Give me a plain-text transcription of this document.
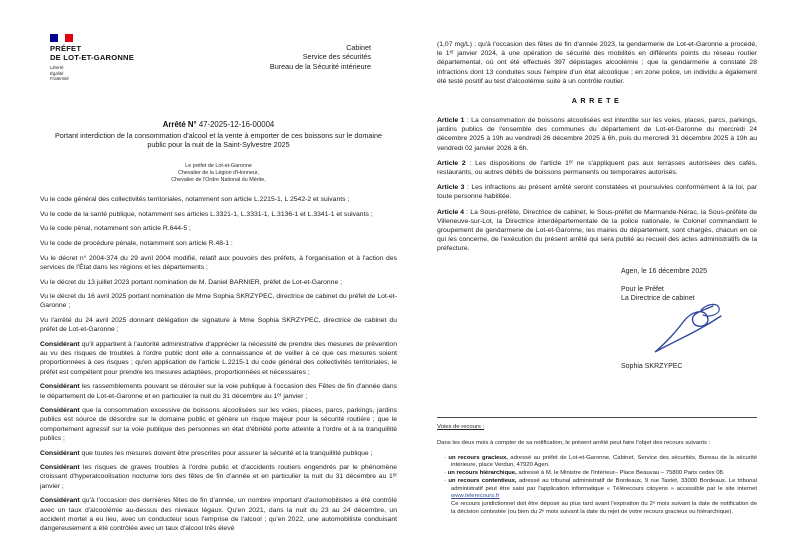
PRÉFET
DE LOT-ET-GARONNE
Liberté
Égalité
Fraternité
Cabinet
Service des sécurités
Bureau de la Sécurité intérieure
Arrêté N° 47-2025-12-16-00004
Portant interdiction de la consommation d'alcool et la vente à emporter de ces boissons sur le domaine public pour la nuit de la Saint-Sylvestre 2025
Le préfet de Lot-et-Garonne
Chevalier de la Légion d'Honneur,
Chevalier de l'Ordre National du Mérite,

Vu le code général des collectivités territoriales, notamment son article L.2215-1, L 2542-2 et suivants ;

Vu le code de la santé publique, notamment ses articles L.3321-1, L.3331-1, L.3136-1 et L.3341-1 et suivants ;

Vu le code pénal, notamment son article R.644-5 ;

Vu le code de procédure pénale, notamment son article R.48-1 :

Vu le décret n° 2004-374 du 29 avril 2004 modifié, relatif aux pouvoirs des préfets, à l'organisation et à l'action des services de l'État dans les régions et les départements ;

Vu le décret du 13 juillet 2023 portant nomination de M. Daniel BARNIER, préfet de Lot-et-Garonne ;

Vu le décret du 16 avril 2025 portant nomination de Mme Sophia SKRZYPEC, directrice de cabinet du préfet de Lot-et-Garonne ;

Vu l'arrêté du 24 avril 2025 donnant délégation de signature à Mme Sophia SKRZYPEC, directrice de cabinet du préfet de Lot-et-Garonne ;

Considérant qu'il appartient à l'autorité administrative d'apprécier la nécessité de prendre des mesures de prévention au vu des risques de troubles à l'ordre public dont elle a connaissance et de veiller à ce que ces mesures soient proportionnées à ces risques ; qu'en application de l'article L.2215-1 du code général des collectivités territoriales, le préfet est compétent pour prendre les mesures adaptées, proportionnées et nécessaires ;

Considérant les rassemblements pouvant se dérouler sur la voie publique à l'occasion des Fêtes de fin d'année dans le département de Lot-et-Garonne et en particulier la nuit du 31 décembre au 1ᵉʳ janvier ;

Considérant que la consommation excessive de boissons alcoolisées sur les voies, places, parcs, parkings, jardins publics est source de désordre sur le domaine public et génère un risque majeur pour la sécurité routière ; que le comportement agressif sur la voie publique des personnes en état d'ébriété porte atteinte à l'ordre et à la tranquillité publics ;

Considérant que toutes les mesures doivent être prescrites pour assurer la sécurité et la tranquillité publique ;

Considérant les risques de graves troubles à l'ordre public et d'accidents routiers engendrés par le phénomène croissant d'hyperalcoolisation nocturne lors des fêtes de fin d'année et en particulier la nuit du 31 décembre au 1ᵉʳ janvier ;

Considérant qu'à l'occasion des dernières fêtes de fin d'année, un nombre important d'automobilistes a été contrôlé avec un taux d'alcoolémie au-dessus des niveaux légaux. Qu'en 2021, dans la nuit du 23 au 24 décembre, un accident mortel a eu lieu, avec un conducteur sous l'emprise de l'alcool ; qu'en 2022, une automobiliste conduisant dangereusement a été contrôlée avec un taux d'alcool très élevé

(1,07 mg/L) ; qu'à l'occasion des fêtes de fin d'année 2023, la gendarmerie de Lot-et-Garonne a procédé, le 1ᵉʳ janvier 2024, à une opération de sécurité des mobilités en différents points du réseau routier départemental, où ont été effectués 397 dépistages alcoolémie ; que la gendarmerie a constaté 28 infractions dont 13 conduites sous l'empire d'un état alcoolique ; en zone police, un individu a également été testé positif au test d'alcoolémie suite à un contrôle routier.

ARRETE

Article 1 : La consommation de boissons alcoolisées est interdite sur les voies, places, parcs, parkings, jardins publics de l'ensemble des communes du département de Lot-et-Garonne du mercredi 24 décembre 2025 à 19h au vendredi 26 décembre 2025 à 6h, puis du mercredi 31 décembre 2025 à 19h au vendredi 02 janvier 2026 à 6h.

Article 2 : Les dispositions de l'article 1ᵉʳ ne s'appliquent pas aux terrasses autorisées des cafés, restaurants, ou autres débits de boissons permanents ou temporaires autorisés.

Article 3 : Les infractions au présent arrêté seront constatées et poursuivies conformément à la loi, par toute personne habilitée.

Article 4 : La Sous-préfète, Directrice de cabinet, le Sous-préfet de Marmande-Nérac, la Sous-préfète de Villeneuve-sur-Lot, la Directrice interdépartementale de la police nationale, le Colonel commandant le groupement de gendarmerie de Lot-et-Garonne, les maires du département, sont chargés, chacun en ce qui les concerne, de l'exécution du présent arrêté qui sera publié au recueil des actes administratifs de la préfecture.

Agen, le 16 décembre 2025
Pour le Préfet
La Directrice de cabinet
Sophia SKRZYPEC
Voies de recours :

Dans les deux mois à compter de sa notification, le présent arrêté peut faire l'objet des recours suivants :

· un recours gracieux, adressé au préfet de Lot-et-Garonne, Cabinet, Service des sécurités, Bureau de la sécurité intérieure, place Verdun, 47920 Agen.

· un recours hiérarchique, adressé à M. le Ministre de l'Intérieur– Place Beauvau – 75800 Paris cedex 08.

· un recours contentieux, adressé au tribunal administratif de Bordeaux, 9 rue Tastet, 33000 Bordeaux. Le tribunal administratif peut être saisi par l'application informatique « Télérecours citoyens » accessible par le site internet www.telerecours.fr

Ce recours juridictionnel doit être déposé au plus tard avant l'expiration du 2ᵉ mois suivant la date de notification de la décision contestée (ou bien du 2ᵉ mois suivant la date du rejet de votre recours gracieux ou hiérarchique).
